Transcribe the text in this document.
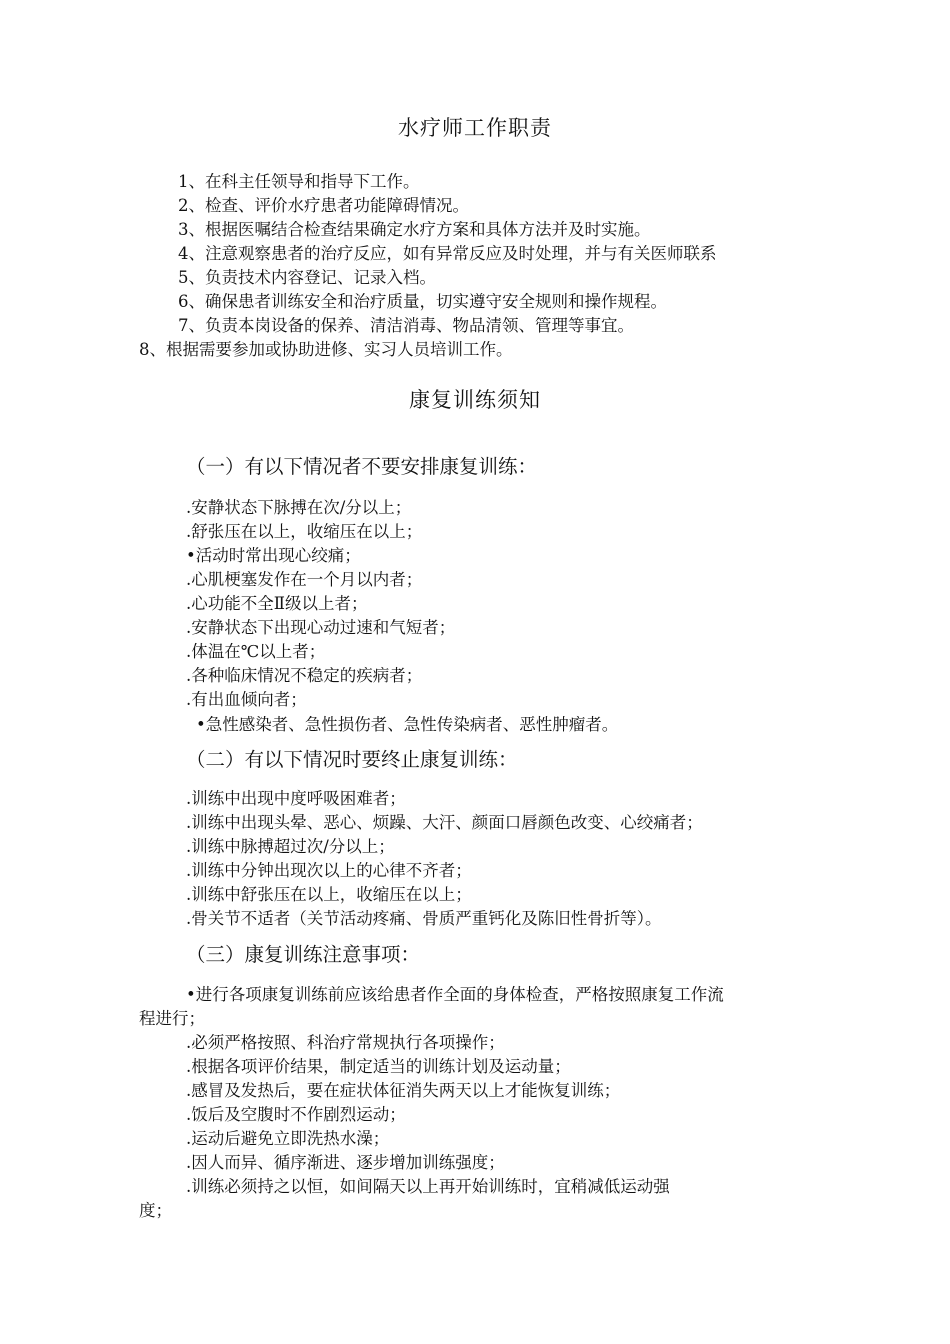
水疗师工作职责
1、在科主任领导和指导下工作。
2、检查、评价水疗患者功能障碍情况。
3、根据医嘱结合检查结果确定水疗方案和具体方法并及时实施。
4、注意观察患者的治疗反应，如有异常反应及时处理，并与有关医师联系
5、负责技术内容登记、记录入档。
6、确保患者训练安全和治疗质量，切实遵守安全规则和操作规程。
7、负责本岗设备的保养、清洁消毒、物品清领、管理等事宜。
8、根据需要参加或协助进修、实习人员培训工作。
康复训练须知
（一）有以下情况者不要安排康复训练：
.安静状态下脉搏在次/分以上；
.舒张压在以上，收缩压在以上；
•活动时常出现心绞痛；
.心肌梗塞发作在一个月以内者；
.心功能不全Ⅱ级以上者；
.安静状态下出现心动过速和气短者；
.体温在℃以上者；
.各种临床情况不稳定的疾病者；
.有出血倾向者；
•急性感染者、急性损伤者、急性传染病者、恶性肿瘤者。
（二）有以下情况时要终止康复训练：
.训练中出现中度呼吸困难者；
.训练中出现头晕、恶心、烦躁、大汗、颜面口唇颜色改变、心绞痛者；
.训练中脉搏超过次/分以上；
.训练中分钟出现次以上的心律不齐者；
.训练中舒张压在以上，收缩压在以上；
.骨关节不适者（关节活动疼痛、骨质严重钙化及陈旧性骨折等）。
（三）康复训练注意事项：
•进行各项康复训练前应该给患者作全面的身体检查，严格按照康复工作流
程进行；
.必须严格按照、科治疗常规执行各项操作；
.根据各项评价结果，制定适当的训练计划及运动量；
.感冒及发热后，要在症状体征消失两天以上才能恢复训练；
.饭后及空腹时不作剧烈运动；
.运动后避免立即洗热水澡；
.因人而异、循序渐进、逐步增加训练强度；
.训练必须持之以恒，如间隔天以上再开始训练时，宜稍减低运动强
度；
